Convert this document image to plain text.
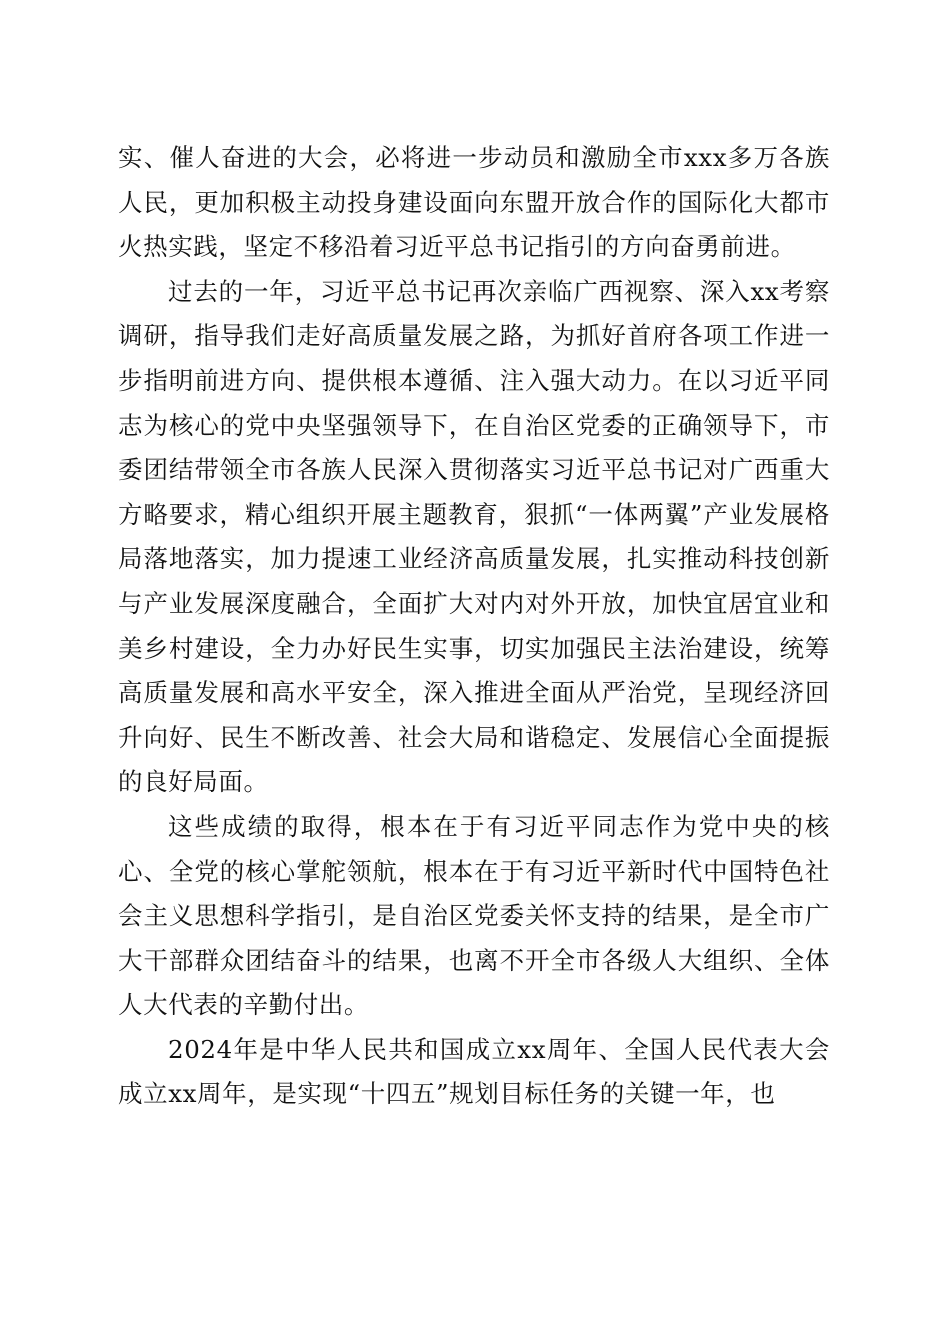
实、催人奋进的大会，必将进一步动员和激励全市xxx多万各族人民，更加积极主动投身建设面向东盟开放合作的国际化大都市火热实践，坚定不移沿着习近平总书记指引的方向奋勇前进。

过去的一年，习近平总书记再次亲临广西视察、深入xx考察调研，指导我们走好高质量发展之路，为抓好首府各项工作进一步指明前进方向、提供根本遵循、注入强大动力。在以习近平同志为核心的党中央坚强领导下，在自治区党委的正确领导下，市委团结带领全市各族人民深入贯彻落实习近平总书记对广西重大方略要求，精心组织开展主题教育，狠抓“一体两翼”产业发展格局落地落实，加力提速工业经济高质量发展，扎实推动科技创新与产业发展深度融合，全面扩大对内对外开放，加快宜居宜业和美乡村建设，全力办好民生实事，切实加强民主法治建设，统筹高质量发展和高水平安全，深入推进全面从严治党，呈现经济回升向好、民生不断改善、社会大局和谐稳定、发展信心全面提振的良好局面。

这些成绩的取得，根本在于有习近平同志作为党中央的核心、全党的核心掌舵领航，根本在于有习近平新时代中国特色社会主义思想科学指引，是自治区党委关怀支持的结果，是全市广大干部群众团结奋斗的结果，也离不开全市各级人大组织、全体人大代表的辛勤付出。

2024年是中华人民共和国成立xx周年、全国人民代表大会成立xx周年，是实现“十四五”规划目标任务的关键一年，也
